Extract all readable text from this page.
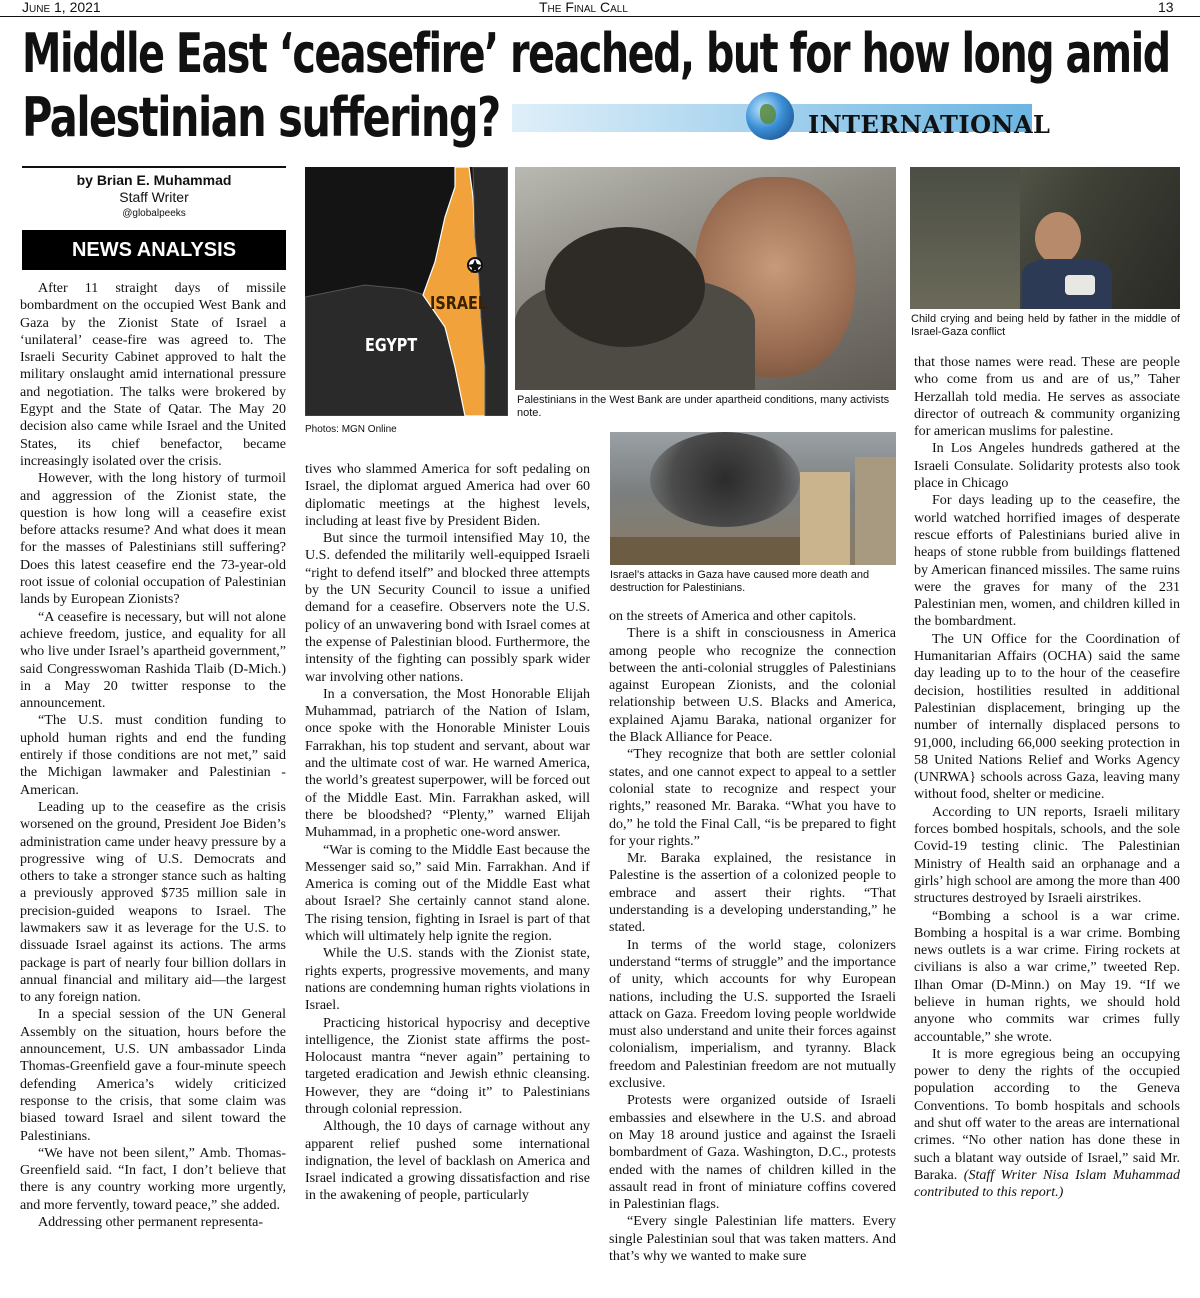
June 1, 2021	The Final Call	13
Middle East ‘ceasefire’ reached, but for how long amid
Palestinian suffering?	INTERNATIONAL
by Brian E. Muhammad
Staff Writer
@globalpeeks
NEWS ANALYSIS
ISRAEL
EGYPT
Photos: MGN Online
Palestinians in the West Bank are under apartheid conditions, many activists note.
Child crying and being held by father in the middle of Israel-Gaza conflict
Israel’s attacks in Gaza have caused more death and destruction for Palestinians.

After 11 straight days of missile bombardment on the occupied West Bank and Gaza by the Zionist State of Israel a ‘unilateral’ cease-fire was agreed to. The Israeli Security Cabinet approved to halt the military onslaught amid international pressure and negotiation. The talks were brokered by Egypt and the State of Qatar. The May 20 decision also came while Israel and the United States, its chief benefactor, became increasingly isolated over the crisis.

However, with the long history of turmoil and aggression of the Zionist state, the question is how long will a ceasefire exist before attacks resume? And what does it mean for the masses of Palestinians still suffering? Does this latest ceasefire end the 73-year-old root issue of colonial occupation of Palestinian lands by European Zionists?

“A ceasefire is necessary, but will not alone achieve freedom, justice, and equality for all who live under Israel’s apartheid government,” said Congresswoman Rashida Tlaib (D-Mich.) in a May 20 twitter response to the announcement.

“The U.S. must condition funding to uphold human rights and end the funding entirely if those conditions are not met,” said the Michigan lawmaker and Palestinian -American.

Leading up to the ceasefire as the crisis worsened on the ground, President Joe Biden’s administration came under heavy pressure by a progressive wing of U.S. Democrats and others to take a stronger stance such as halting a previously approved $735 million sale in precision-guided weapons to Israel. The lawmakers saw it as leverage for the U.S. to dissuade Israel against its actions. The arms package is part of nearly four billion dollars in annual financial and military aid—the largest to any foreign nation.

In a special session of the UN General Assembly on the situation, hours before the announcement, U.S. UN ambassador Linda Thomas-Greenfield gave a four-minute speech defending America’s widely criticized response to the crisis, that some claim was biased toward Israel and silent toward the Palestinians.

“We have not been silent,” Amb. Thomas-Greenfield said. “In fact, I don’t believe that there is any country working more urgently, and more fervently, toward peace,” she added.

Addressing other permanent representa-

tives who slammed America for soft pedaling on Israel, the diplomat argued America had over 60 diplomatic meetings at the highest levels, including at least five by President Biden.

But since the turmoil intensified May 10, the U.S. defended the militarily well-equipped Israeli “right to defend itself” and blocked three attempts by the UN Security Council to issue a unified demand for a ceasefire. Observers note the U.S. policy of an unwavering bond with Israel comes at the expense of Palestinian blood. Furthermore, the intensity of the fighting can possibly spark wider war involving other nations.

In a conversation, the Most Honorable Elijah Muhammad, patriarch of the Nation of Islam, once spoke with the Honorable Minister Louis Farrakhan, his top student and servant, about war and the ultimate cost of war. He warned America, the world’s greatest superpower, will be forced out of the Middle East. Min. Farrakhan asked, will there be bloodshed? “Plenty,” warned Elijah Muhammad, in a prophetic one-word answer.

“War is coming to the Middle East because the Messenger said so,” said Min. Farrakhan. And if America is coming out of the Middle East what about Israel? She certainly cannot stand alone. The rising tension, fighting in Israel is part of that which will ultimately help ignite the region.

While the U.S. stands with the Zionist state, rights experts, progressive movements, and many nations are condemning human rights violations in Israel.

Practicing historical hypocrisy and deceptive intelligence, the Zionist state affirms the post-Holocaust mantra “never again” pertaining to targeted eradication and Jewish ethnic cleansing. However, they are “doing it” to Palestinians through colonial repression.

Although, the 10 days of carnage without any apparent relief pushed some international indignation, the level of backlash on America and Israel indicated a growing dissatisfaction and rise in the awakening of people, particularly

on the streets of America and other capitols.

There is a shift in consciousness in America among people who recognize the connection between the anti-colonial struggles of Palestinians against European Zionists, and the colonial relationship between U.S. Blacks and America, explained Ajamu Baraka, national organizer for the Black Alliance for Peace.

“They recognize that both are settler colonial states, and one cannot expect to appeal to a settler colonial state to recognize and respect your rights,” reasoned Mr. Baraka. “What you have to do,” he told the Final Call, “is be prepared to fight for your rights.”

Mr. Baraka explained, the resistance in Palestine is the assertion of a colonized people to embrace and assert their rights. “That understanding is a developing understanding,” he stated.

In terms of the world stage, colonizers understand “terms of struggle” and the importance of unity, which accounts for why European nations, including the U.S. supported the Israeli attack on Gaza. Freedom loving people worldwide must also understand and unite their forces against colonialism, imperialism, and tyranny. Black freedom and Palestinian freedom are not mutually exclusive.

Protests were organized outside of Israeli embassies and elsewhere in the U.S. and abroad on May 18 around justice and against the Israeli bombardment of Gaza. Washington, D.C., protests ended with the names of children killed in the assault read in front of miniature coffins covered in Palestinian flags.

“Every single Palestinian life matters. Every single Palestinian soul that was taken matters. And that’s why we wanted to make sure

that those names were read. These are people who come from us and are of us,” Taher Herzallah told media. He serves as associate director of outreach & community organizing for american muslims for palestine.

In Los Angeles hundreds gathered at the Israeli Consulate. Solidarity protests also took place in Chicago

For days leading up to the ceasefire, the world watched horrified images of desperate rescue efforts of Palestinians buried alive in heaps of stone rubble from buildings flattened by American financed missiles. The same ruins were the graves for many of the 231 Palestinian men, women, and children killed in the bombardment.

The UN Office for the Coordination of Humanitarian Affairs (OCHA) said the same day leading up to to the hour of the ceasefire decision, hostilities resulted in additional Palestinian displacement, bringing up the number of internally displaced persons to 91,000, including 66,000 seeking protection in 58 United Nations Relief and Works Agency (UNRWA} schools across Gaza, leaving many without food, shelter or medicine.

According to UN reports, Israeli military forces bombed hospitals, schools, and the sole Covid-19 testing clinic. The Palestinian Ministry of Health said an orphanage and a girls’ high school are among the more than 400 structures destroyed by Israeli airstrikes.

“Bombing a school is a war crime. Bombing a hospital is a war crime. Bombing news outlets is a war crime. Firing rockets at civilians is also a war crime,” tweeted Rep. Ilhan Omar (D-Minn.) on May 19. “If we believe in human rights, we should hold anyone who commits war crimes fully accountable,” she wrote.

It is more egregious being an occupying power to deny the rights of the occupied population according to the Geneva Conventions. To bomb hospitals and schools and shut off water to the areas are international crimes. “No other nation has done these in such a blatant way outside of Israel,” said Mr. Baraka. (Staff Writer Nisa Islam Muhammad contributed to this report.)
